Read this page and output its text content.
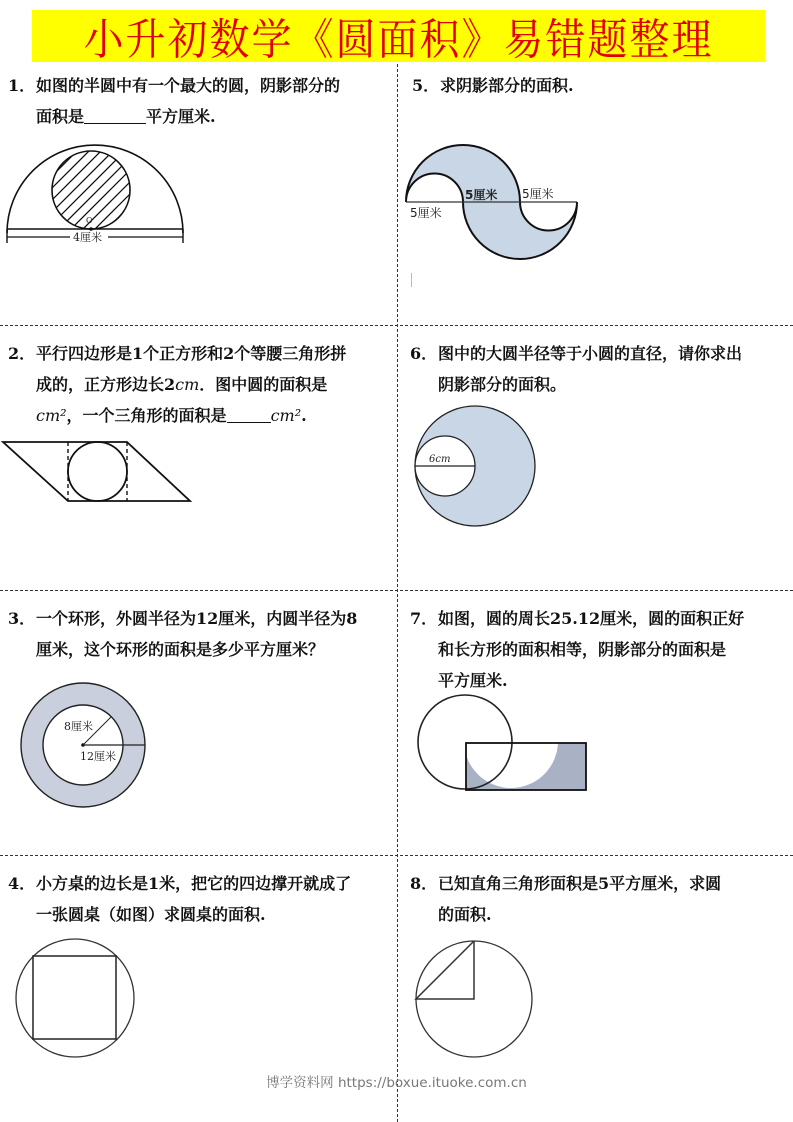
小升初数学《圆面积》易错题整理

1．如图的半圆中有一个最大的圆，阴影部分的
面积是	平方厘米.

O
4厘米

5．求阴影部分的面积.

5厘米 5厘米
5厘米

2．平行四边形是1个正方形和2个等腰三角形拼
成的，正方形边长2cm．图中圆的面积是
cm²，一个三角形的面积是	cm².

6．图中的大圆半径等于小圆的直径，请你求出
阴影部分的面积。

6cm

3．一个环形，外圆半径为12厘米，内圆半径为8
厘米，这个环形的面积是多少平方厘米？

8厘米
12厘米

7．如图，圆的周长25.12厘米，圆的面积正好
和长方形的面积相等，阴影部分的面积是
平方厘米.

4．小方桌的边长是1米，把它的四边撑开就成了
一张圆桌（如图）求圆桌的面积.

8．已知直角三角形面积是5平方厘米，求圆
的面积.

博学资料网 https://boxue.ituoke.com.cn
